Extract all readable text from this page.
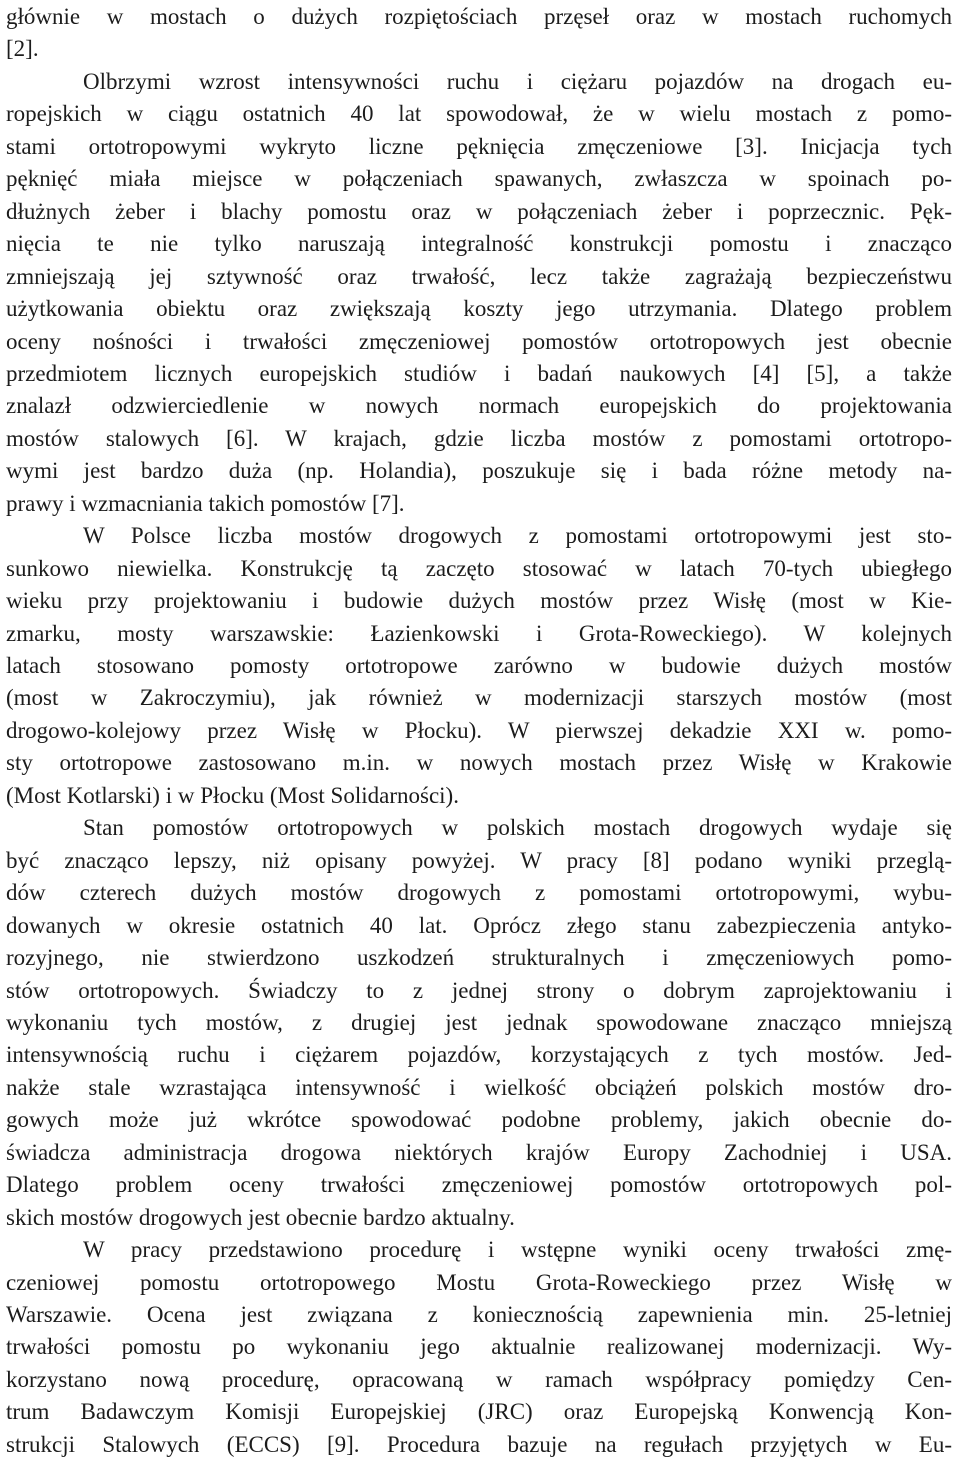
głównie w mostach o dużych rozpiętościach przęseł oraz w mostach ruchomych
[2].
Olbrzymi wzrost intensywności ruchu i ciężaru pojazdów na drogach eu-
ropejskich w ciągu ostatnich 40 lat spowodował, że w wielu mostach z pomo-
stami ortotropowymi wykryto liczne pęknięcia zmęczeniowe [3]. Inicjacja tych
pęknięć miała miejsce w połączeniach spawanych, zwłaszcza w spoinach po-
dłużnych żeber i blachy pomostu oraz w połączeniach żeber i poprzecznic. Pęk-
nięcia te nie tylko naruszają integralność konstrukcji pomostu i znacząco
zmniejszają jej sztywność oraz trwałość, lecz także zagrażają bezpieczeństwu
użytkowania obiektu oraz zwiększają koszty jego utrzymania. Dlatego problem
oceny nośności i trwałości zmęczeniowej pomostów ortotropowych jest obecnie
przedmiotem licznych europejskich studiów i badań naukowych [4] [5], a także
znalazł odzwierciedlenie w nowych normach europejskich do projektowania
mostów stalowych [6]. W krajach, gdzie liczba mostów z pomostami ortotropo-
wymi jest bardzo duża (np. Holandia), poszukuje się i bada różne metody na-
prawy i wzmacniania takich pomostów [7].
W Polsce liczba mostów drogowych z pomostami ortotropowymi jest sto-
sunkowo niewielka. Konstrukcję tą zaczęto stosować w latach 70-tych ubiegłego
wieku przy projektowaniu i budowie dużych mostów przez Wisłę (most w Kie-
zmarku, mosty warszawskie: Łazienkowski i Grota-Roweckiego). W kolejnych
latach stosowano pomosty ortotropowe zarówno w budowie dużych mostów
(most w Zakroczymiu), jak również w modernizacji starszych mostów (most
drogowo-kolejowy przez Wisłę w Płocku). W pierwszej dekadzie XXI w. pomo-
sty ortotropowe zastosowano m.in. w nowych mostach przez Wisłę w Krakowie
(Most Kotlarski) i w Płocku (Most Solidarności).
Stan pomostów ortotropowych w polskich mostach drogowych wydaje się
być znacząco lepszy, niż opisany powyżej. W pracy [8] podano wyniki przeglą-
dów czterech dużych mostów drogowych z pomostami ortotropowymi, wybu-
dowanych w okresie ostatnich 40 lat. Oprócz złego stanu zabezpieczenia antyko-
rozyjnego, nie stwierdzono uszkodzeń strukturalnych i zmęczeniowych pomo-
stów ortotropowych. Świadczy to z jednej strony o dobrym zaprojektowaniu i
wykonaniu tych mostów, z drugiej jest jednak spowodowane znacząco mniejszą
intensywnością ruchu i ciężarem pojazdów, korzystających z tych mostów. Jed-
nakże stale wzrastająca intensywność i wielkość obciążeń polskich mostów dro-
gowych może już wkrótce spowodować podobne problemy, jakich obecnie do-
świadcza administracja drogowa niektórych krajów Europy Zachodniej i USA.
Dlatego problem oceny trwałości zmęczeniowej pomostów ortotropowych pol-
skich mostów drogowych jest obecnie bardzo aktualny.
W pracy przedstawiono procedurę i wstępne wyniki oceny trwałości zmę-
czeniowej pomostu ortotropowego Mostu Grota-Roweckiego przez Wisłę w
Warszawie. Ocena jest związana z koniecznością zapewnienia min. 25-letniej
trwałości pomostu po wykonaniu jego aktualnie realizowanej modernizacji. Wy-
korzystano nową procedurę, opracowaną w ramach współpracy pomiędzy Cen-
trum Badawczym Komisji Europejskiej (JRC) oraz Europejską Konwencją Kon-
strukcji Stalowych (ECCS) [9]. Procedura bazuje na regułach przyjętych w Eu-
